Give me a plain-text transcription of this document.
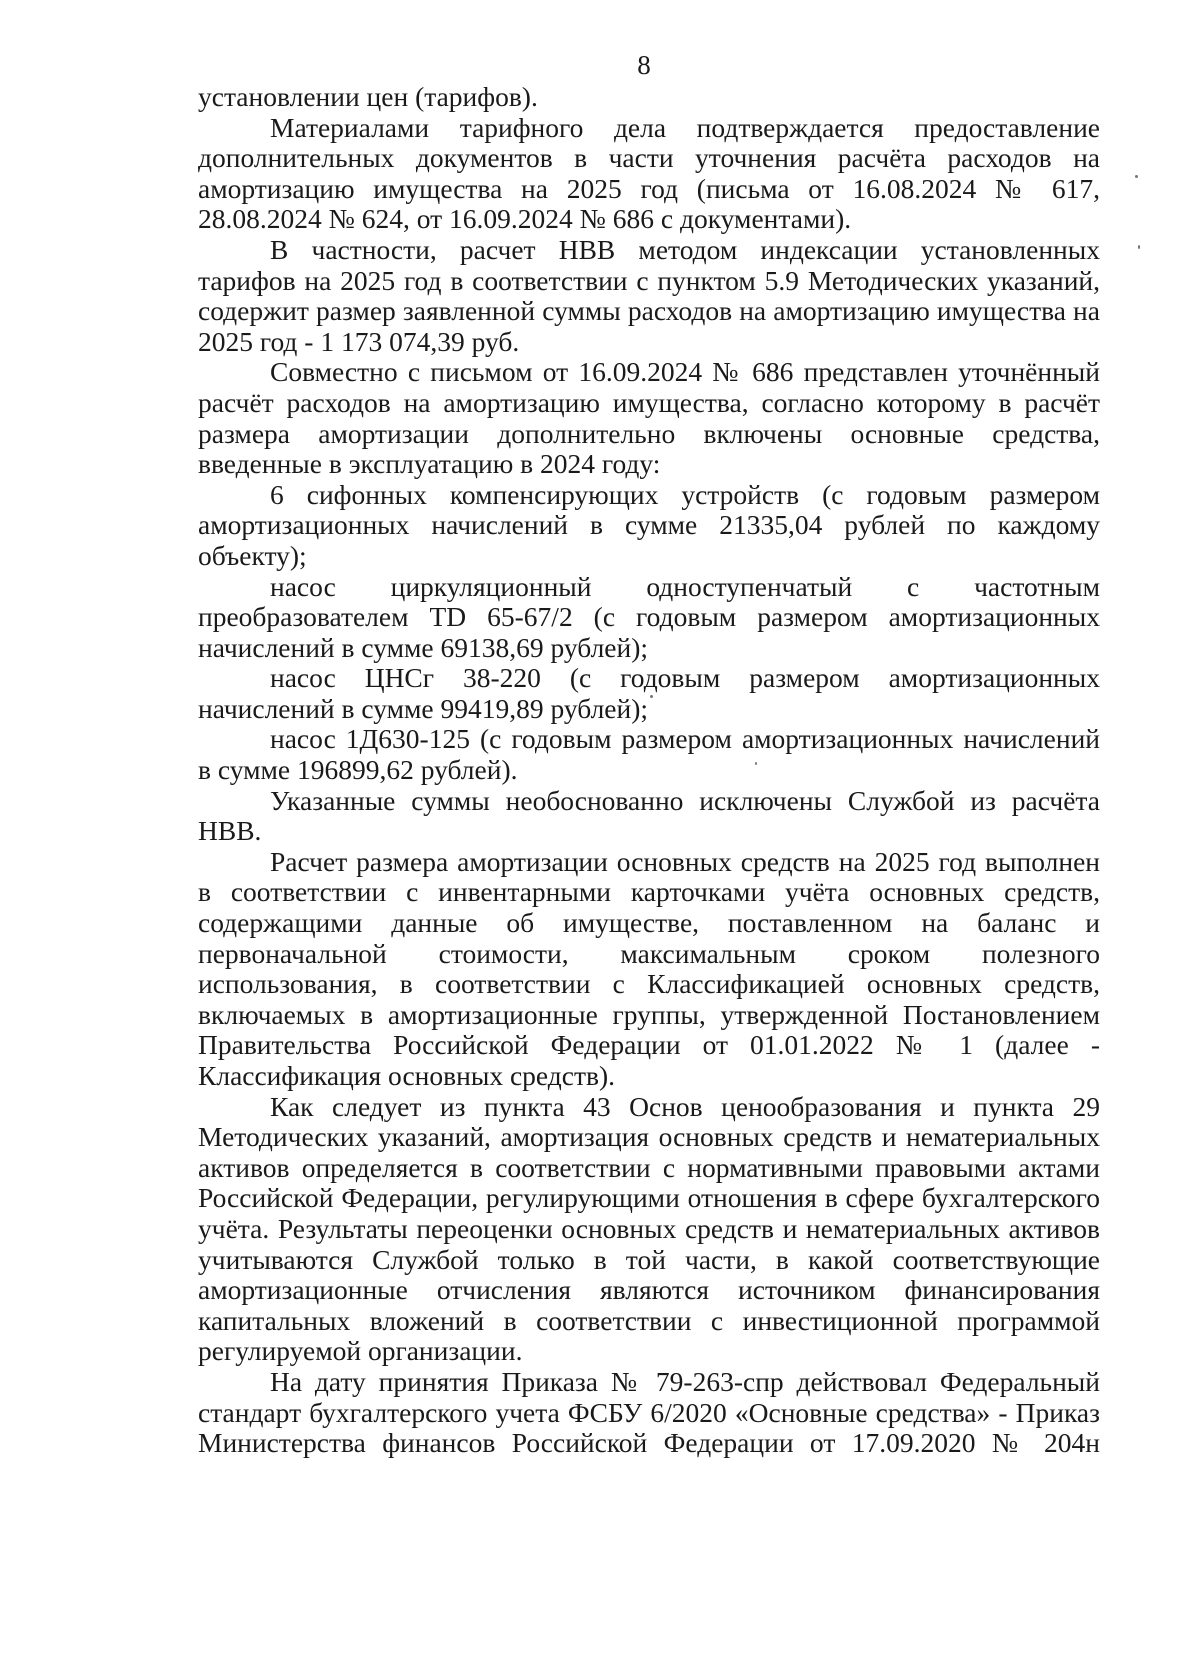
8

установлении цен (тарифов).

Материалами тарифного дела подтверждается предоставление дополнительных документов в части уточнения расчёта расходов на амортизацию имущества на 2025 год (письма от 16.08.2024 № 617, 28.08.2024 № 624, от 16.09.2024 № 686 с документами).

В частности, расчет НВВ методом индексации установленных тарифов на 2025 год в соответствии с пунктом 5.9 Методических указаний, содержит размер заявленной суммы расходов на амортизацию имущества на 2025 год - 1 173 074,39 руб.

Совместно с письмом от 16.09.2024 № 686 представлен уточнённый расчёт расходов на амортизацию имущества, согласно которому в расчёт размера амортизации дополнительно включены основные средства, введенные в эксплуатацию в 2024 году:

6 сифонных компенсирующих устройств (с годовым размером амортизационных начислений в сумме 21335,04 рублей по каждому объекту);

насос циркуляционный одноступенчатый с частотным преобразователем TD 65-67/2 (с годовым размером амортизационных начислений в сумме 69138,69 рублей);

насос ЦНСг 38-220 (с годовым размером амортизационных начислений в сумме 99419,89 рублей);

насос 1Д630-125 (с годовым размером амортизационных начислений в сумме 196899,62 рублей).

Указанные суммы необоснованно исключены Службой из расчёта НВВ.

Расчет размера амортизации основных средств на 2025 год выполнен в соответствии с инвентарными карточками учёта основных средств, содержащими данные об имуществе, поставленном на баланс и первоначальной стоимости, максимальным сроком полезного использования, в соответствии с Классификацией основных средств, включаемых в амортизационные группы, утвержденной Постановлением Правительства Российской Федерации от 01.01.2022 № 1 (далее - Классификация основных средств).

Как следует из пункта 43 Основ ценообразования и пункта 29 Методических указаний, амортизация основных средств и нематериальных активов определяется в соответствии с нормативными правовыми актами Российской Федерации, регулирующими отношения в сфере бухгалтерского учёта. Результаты переоценки основных средств и нематериальных активов учитываются Службой только в той части, в какой соответствующие амортизационные отчисления являются источником финансирования капитальных вложений в соответствии с инвестиционной программой регулируемой организации.

На дату принятия Приказа № 79-263-спр действовал Федеральный стандарт бухгалтерского учета ФСБУ 6/2020 «Основные средства» - Приказ Министерства финансов Российской Федерации от 17.09.2020 № 204н
